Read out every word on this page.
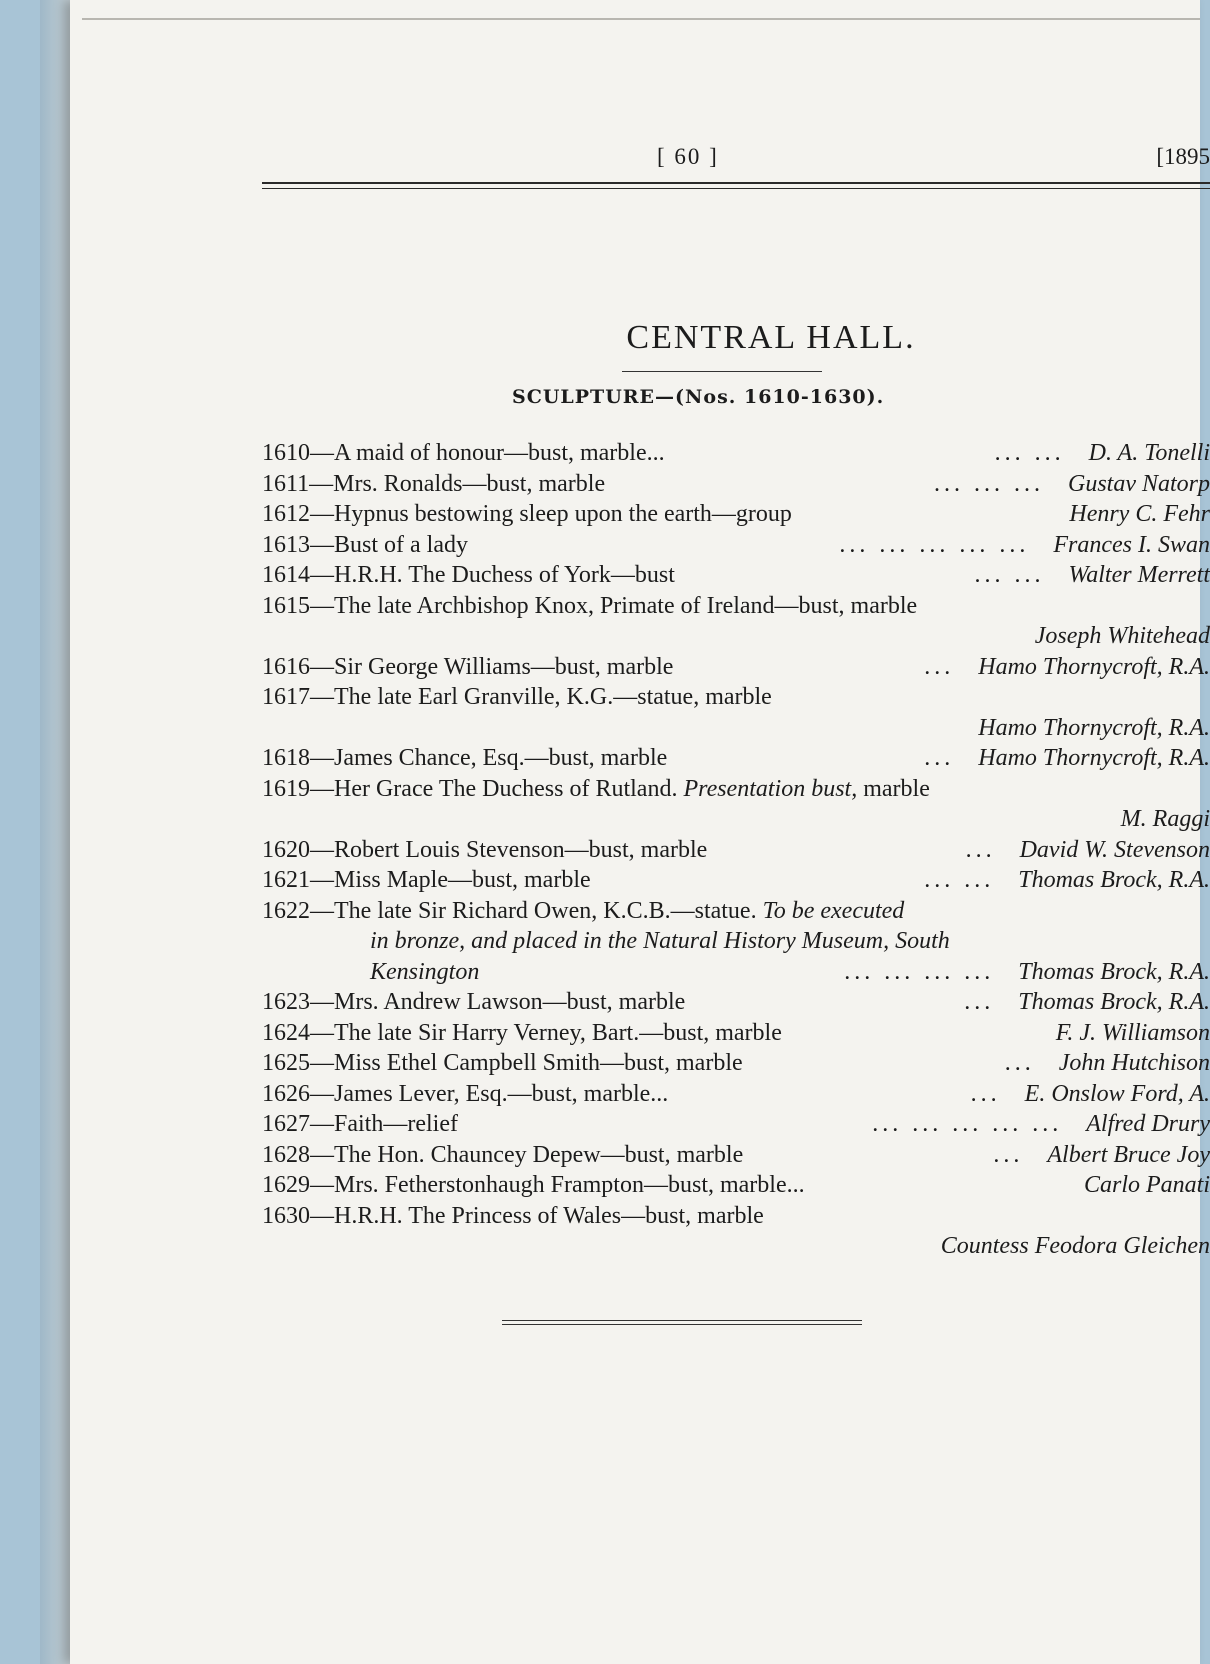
[ 60 ]	[1895
CENTRAL HALL.
SCULPTURE—(Nos. 1610-1630).
1610—A maid of honour—bust, marble...	... ...	D. A. Tonelli
1611—Mrs. Ronalds—bust, marble	... ... ...	Gustav Natorp
1612—Hypnus bestowing sleep upon the earth—group	Henry C. Fehr
1613—Bust of a lady	... ... ... ... ...	Frances I. Swan
1614—H.R.H. The Duchess of York—bust	... ...	Walter Merrett
1615—The late Archbishop Knox, Primate of Ireland—bust, marble
Joseph Whitehead
1616—Sir George Williams—bust, marble	...	Hamo Thornycroft, R.A.
1617—The late Earl Granville, K.G.—statue, marble
Hamo Thornycroft, R.A.
1618—James Chance, Esq.—bust, marble	...	Hamo Thornycroft, R.A.
1619—Her Grace The Duchess of Rutland. Presentation bust, marble
M. Raggi
1620—Robert Louis Stevenson—bust, marble	...	David W. Stevenson
1621—Miss Maple—bust, marble	... ...	Thomas Brock, R.A.
1622—The late Sir Richard Owen, K.C.B.—statue. To be executed
in bronze, and placed in the Natural History Museum, South
Kensington	... ... ... ...	Thomas Brock, R.A.
1623—Mrs. Andrew Lawson—bust, marble	...	Thomas Brock, R.A.
1624—The late Sir Harry Verney, Bart.—bust, marble	F. J. Williamson
1625—Miss Ethel Campbell Smith—bust, marble	...	John Hutchison
1626—James Lever, Esq.—bust, marble...	...	E. Onslow Ford, A.
1627—Faith—relief	... ... ... ... ...	Alfred Drury
1628—The Hon. Chauncey Depew—bust, marble	...	Albert Bruce Joy
1629—Mrs. Fetherstonhaugh Frampton—bust, marble...	Carlo Panati
1630—H.R.H. The Princess of Wales—bust, marble
Countess Feodora Gleichen
